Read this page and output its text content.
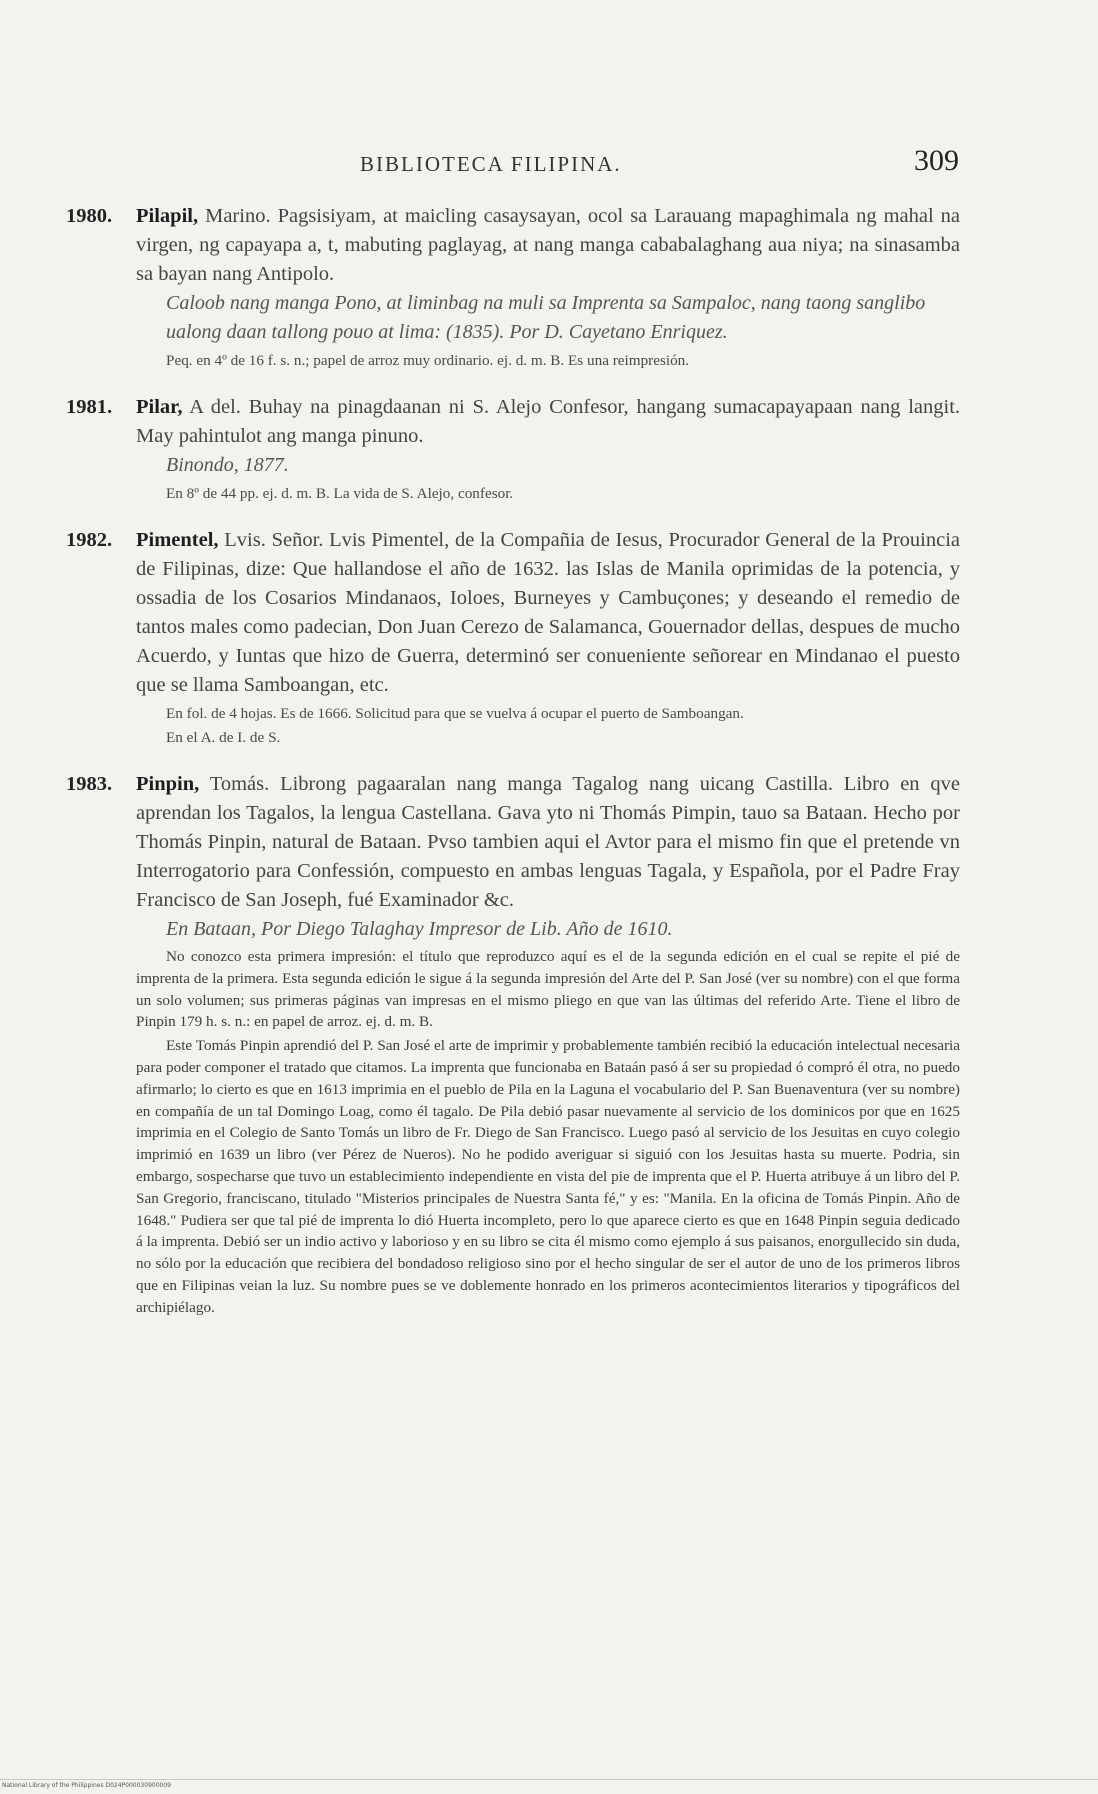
BIBLIOTECA FILIPINA.	309
1980. Pilapil, Marino. Pagsisiyam, at maicling casaysayan, ocol sa Larauang mapaghimala ng mahal na virgen, ng capayapa a, t, mabuting paglayag, at nang manga cababalaghang aua niya; na sinasamba sa bayan nang Antipolo.
Caloob nang manga Pono, at liminbag na muli sa Imprenta sa Sampaloc, nang taong sanglibo ualong daan tallong pouo at lima: (1835). Por D. Cayetano Enriquez.
Peq. en 4º de 16 f. s. n.; papel de arroz muy ordinario. ej. d. m. B. Es una reimpresión.
1981. Pilar, A del. Buhay na pinagdaanan ni S. Alejo Confesor, hangang sumacapayapaan nang langit. May pahintulot ang manga pinuno.
Binondo, 1877.
En 8º de 44 pp. ej. d. m. B. La vida de S. Alejo, confesor.
1982. Pimentel, Lvis. Señor. Lvis Pimentel, de la Compañia de Iesus, Procurador General de la Prouincia de Filipinas, dize: Que hallandose el año de 1632. las Islas de Manila oprimidas de la potencia, y ossadia de los Cosarios Mindanaos, Ioloes, Burneyes y Cambuçones; y deseando el remedio de tantos males como padecian, Don Juan Cerezo de Salamanca, Gouernador dellas, despues de mucho Acuerdo, y Iuntas que hizo de Guerra, determinó ser conueniente señorear en Mindanao el puesto que se llama Samboangan, etc.
En fol. de 4 hojas. Es de 1666. Solicitud para que se vuelva á ocupar el puerto de Samboangan.
En el A. de I. de S.
1983. Pinpin, Tomás. Librong pagaaralan nang manga Tagalog nang uicang Castilla. Libro en qve aprendan los Tagalos, la lengua Castellana. Gava yto ni Thomás Pimpin, tauo sa Bataan. Hecho por Thomás Pinpin, natural de Bataan. Pvso tambien aqui el Avtor para el mismo fin que el pretende vn Interrogatorio para Confessión, compuesto en ambas lenguas Tagala, y Española, por el Padre Fray Francisco de San Joseph, fué Examinador &c.
En Bataan, Por Diego Talaghay Impresor de Lib. Año de 1610.
No conozco esta primera impresión: el título que reproduzco aquí es el de la segunda edición en el cual se repite el pié de imprenta de la primera. Esta segunda edición le sigue á la segunda impresión del Arte del P. San José (ver su nombre) con el que forma un solo volumen; sus primeras páginas van impresas en el mismo pliego en que van las últimas del referido Arte. Tiene el libro de Pinpin 179 h. s. n.: en papel de arroz. ej. d. m. B.
Este Tomás Pinpin aprendió del P. San José el arte de imprimir y probablemente también recibió la educación intelectual necesaria para poder componer el tratado que citamos. La imprenta que funcionaba en Bataán pasó á ser su propiedad ó compró él otra, no puedo afirmarlo; lo cierto es que en 1613 imprimia en el pueblo de Pila en la Laguna el vocabulario del P. San Buenaventura (ver su nombre) en compañía de un tal Domingo Loag, como él tagalo. De Pila debió pasar nuevamente al servicio de los dominicos por que en 1625 imprimia en el Colegio de Santo Tomás un libro de Fr. Diego de San Francisco. Luego pasó al servicio de los Jesuitas en cuyo colegio imprimió en 1639 un libro (ver Pérez de Nueros). No he podido averiguar si siguió con los Jesuitas hasta su muerte. Podria, sin embargo, sospecharse que tuvo un establecimiento independiente en vista del pie de imprenta que el P. Huerta atribuye á un libro del P. San Gregorio, franciscano, titulado "Misterios principales de Nuestra Santa fé," y es: "Manila. En la oficina de Tomás Pinpin. Año de 1648." Pudiera ser que tal pié de imprenta lo dió Huerta incompleto, pero lo que aparece cierto es que en 1648 Pinpin seguia dedicado á la imprenta. Debió ser un indio activo y laborioso y en su libro se cita él mismo como ejemplo á sus paisanos, enorgullecido sin duda, no sólo por la educación que recibiera del bondadoso religioso sino por el hecho singular de ser el autor de uno de los primeros libros que en Filipinas veian la luz. Su nombre pues se ve doblemente honrado en los primeros acontecimientos literarios y tipográficos del archipiélago.
National Library of the Philippines D024P000030900009
